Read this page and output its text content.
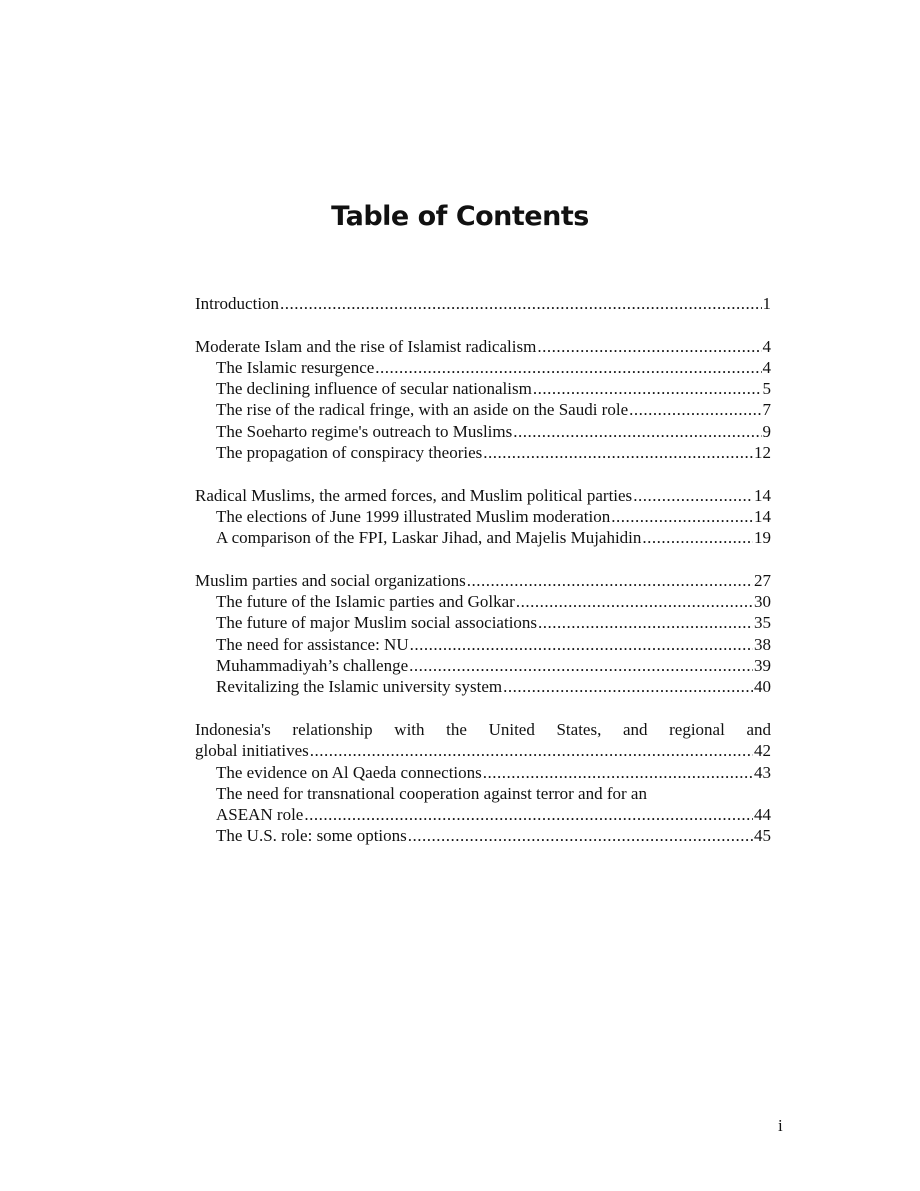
Table of Contents
Introduction .....	1
Moderate Islam and the rise of Islamist radicalism .....	4
The Islamic resurgence .....	4
The declining influence of secular nationalism .....	5
The rise of the radical fringe, with an aside on the Saudi role .....	7
The Soeharto regime's outreach to Muslims .....	9
The propagation of conspiracy theories .....	12
Radical Muslims, the armed forces, and Muslim political parties .....	14
The elections of June 1999 illustrated Muslim moderation .....	14
A comparison of the FPI, Laskar Jihad, and Majelis Mujahidin .....	19
Muslim parties and social organizations .....	27
The future of the Islamic parties and Golkar .....	30
The future of major Muslim social associations .....	35
The need for assistance: NU .....	38
Muhammadiyah’s challenge .....	39
Revitalizing the Islamic university system .....	40
Indonesia's relationship with the United States, and regional and
global initiatives .....	42
The evidence on Al Qaeda connections .....	43
The need for transnational cooperation against terror and for an
ASEAN role .....	44
The U.S. role: some options .....	45
i
